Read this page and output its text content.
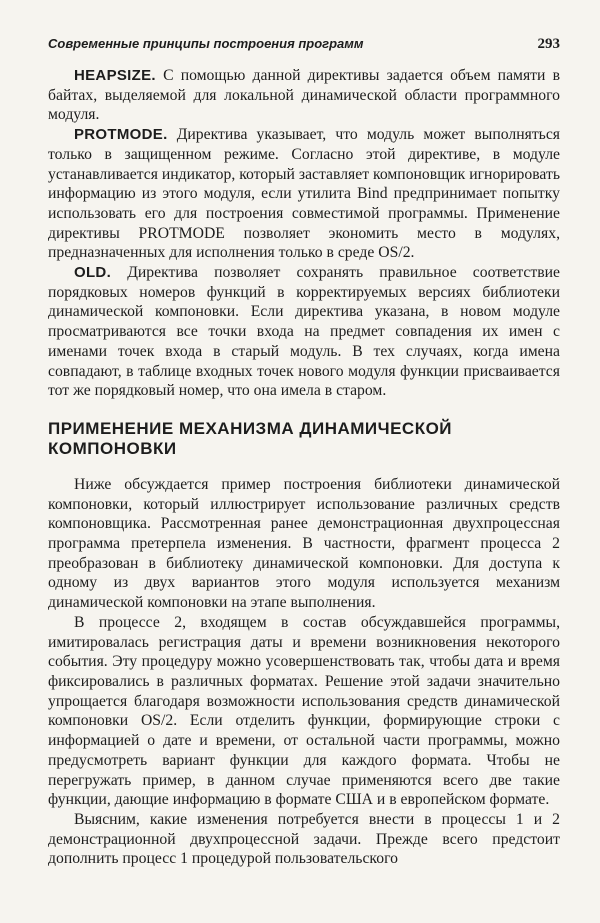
Современные принципы построения программ	293

HEAPSIZE. С помощью данной директивы задается объем памяти в байтах, выделяемой для локальной динамической области программного модуля.

PROTMODE. Директива указывает, что модуль может выполняться только в защищенном режиме. Согласно этой директиве, в модуле устанавливается индикатор, который заставляет компоновщик игнорировать информацию из этого модуля, если утилита Bind предпринимает попытку использовать его для построения совместимой программы. Применение директивы PROTMODE позволяет экономить место в модулях, предназначенных для исполнения только в среде OS/2.

OLD. Директива позволяет сохранять правильное соответствие порядковых номеров функций в корректируемых версиях библиотеки динамической компоновки. Если директива указана, в новом модуле просматриваются все точки входа на предмет совпадения их имен с именами точек входа в старый модуль. В тех случаях, когда имена совпадают, в таблице входных точек нового модуля функции присваивается тот же порядковый номер, что она имела в старом.

ПРИМЕНЕНИЕ МЕХАНИЗМА ДИНАМИЧЕСКОЙ КОМПОНОВКИ

Ниже обсуждается пример построения библиотеки динамической компоновки, который иллюстрирует использование различных средств компоновщика. Рассмотренная ранее демонстрационная двухпроцессная программа претерпела изменения. В частности, фрагмент процесса 2 преобразован в библиотеку динамической компоновки. Для доступа к одному из двух вариантов этого модуля используется механизм динамической компоновки на этапе выполнения.

В процессе 2, входящем в состав обсуждавшейся программы, имитировалась регистрация даты и времени возникновения некоторого события. Эту процедуру можно усовершенствовать так, чтобы дата и время фиксировались в различных форматах. Решение этой задачи значительно упрощается благодаря возможности использования средств динамической компоновки OS/2. Если отделить функции, формирующие строки с информацией о дате и времени, от остальной части программы, можно предусмотреть вариант функции для каждого формата. Чтобы не перегружать пример, в данном случае применяются всего две такие функции, дающие информацию в формате США и в европейском формате.

Выясним, какие изменения потребуется внести в процессы 1 и 2 демонстрационной двухпроцессной задачи. Прежде всего предстоит дополнить процесс 1 процедурой пользовательского
